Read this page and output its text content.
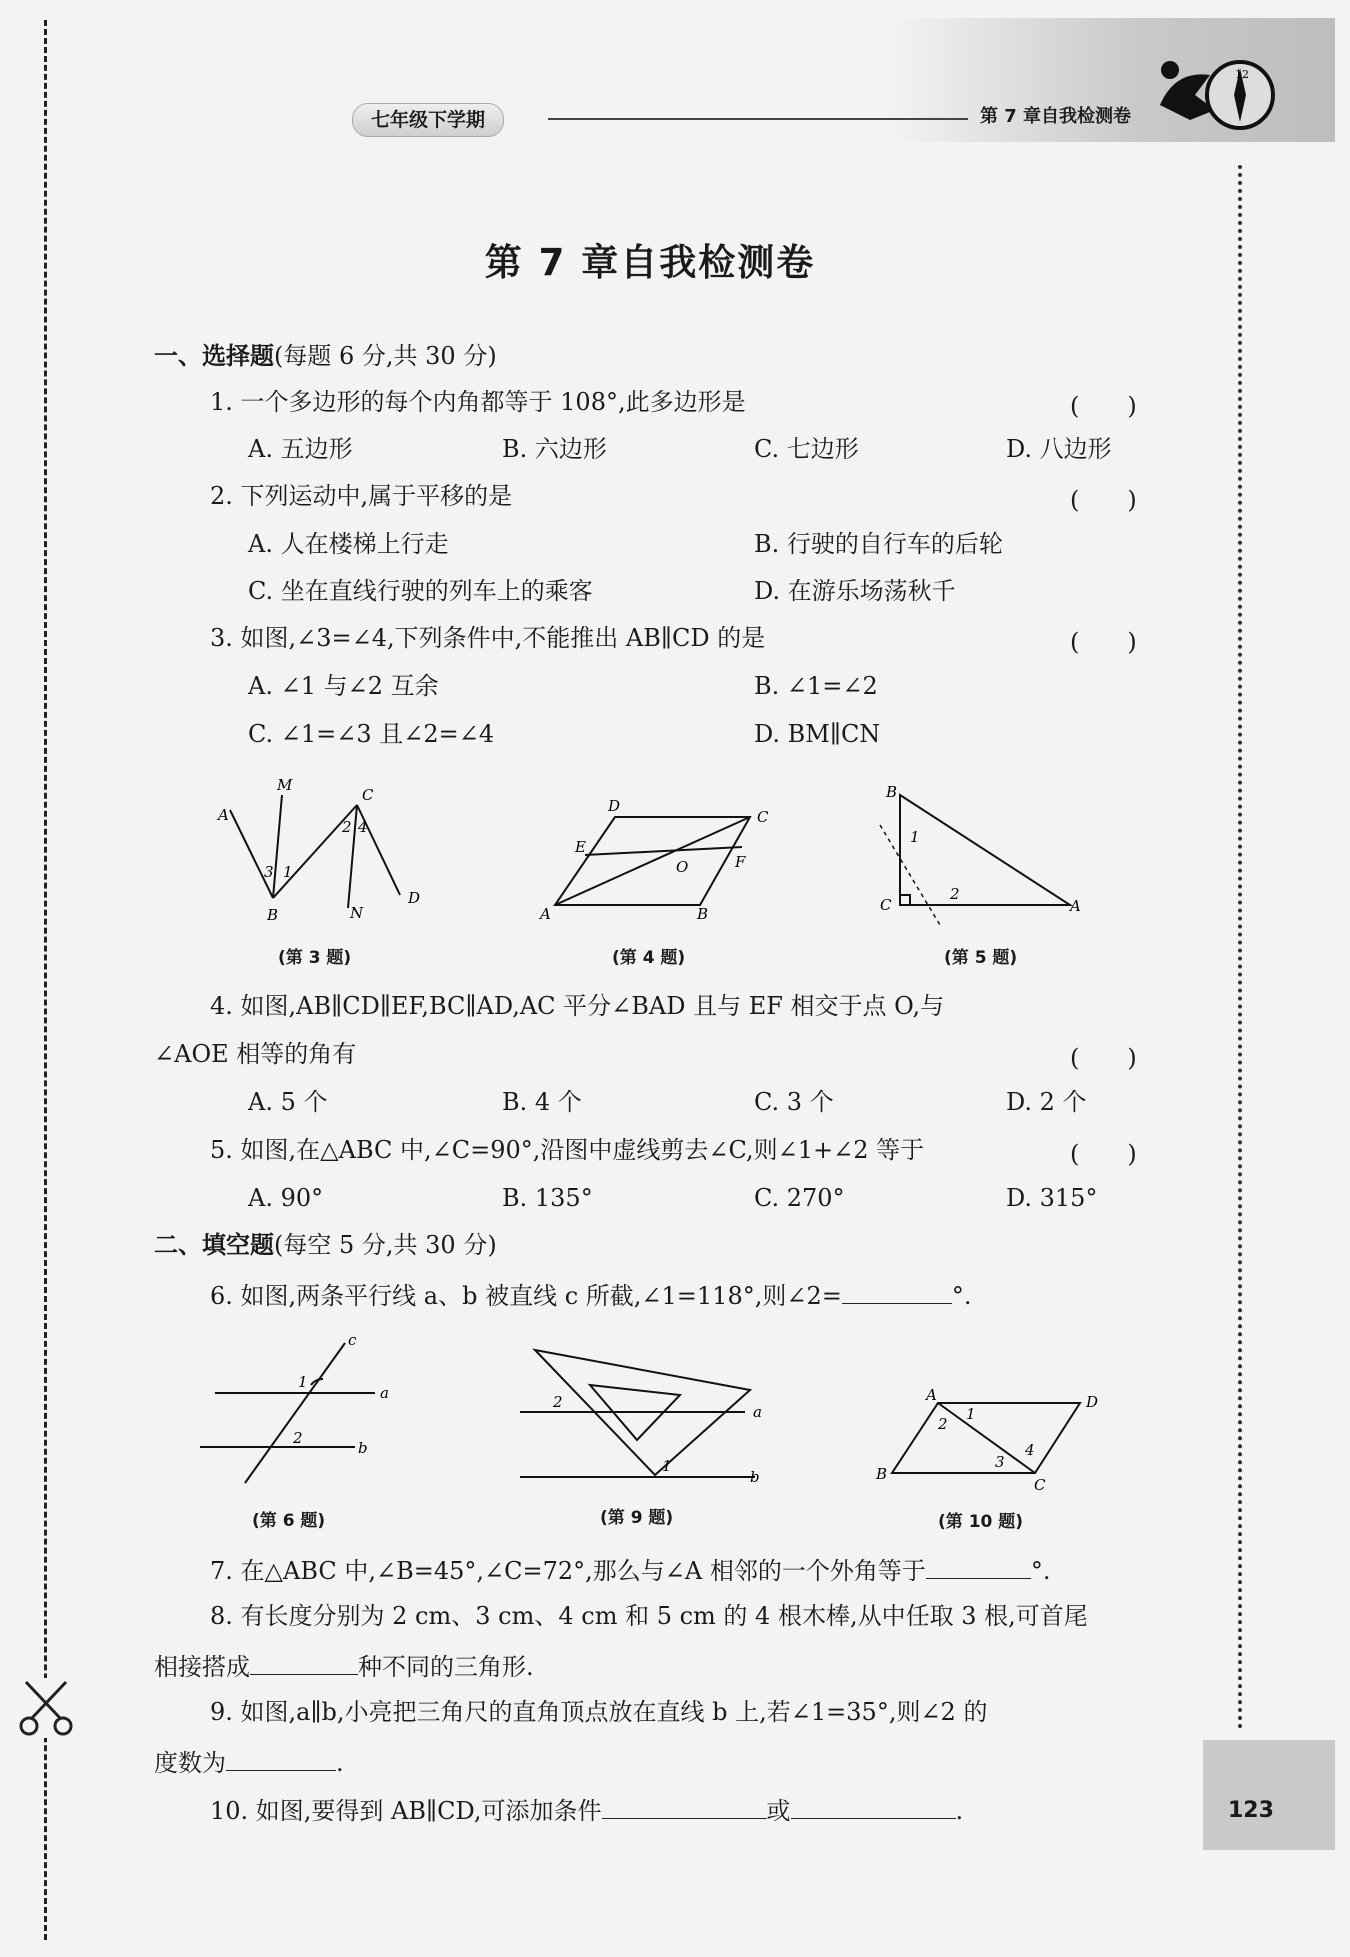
七年级下学期	第 7 章自我检测卷
12
第 7 章自我检测卷
一、选择题(每题 6 分,共 30 分)
1. 一个多边形的每个内角都等于 108°,此多边形是	(　　)
A. 五边形	B. 六边形	C. 七边形	D. 八边形
2. 下列运动中,属于平移的是	(　　)
A. 人在楼梯上行走	B. 行驶的自行车的后轮
C. 坐在直线行驶的列车上的乘客	D. 在游乐场荡秋千
3. 如图,∠3=∠4,下列条件中,不能推出 AB∥CD 的是	(　　)
A. ∠1 与∠2 互余	B. ∠1=∠2
C. ∠1=∠3 且∠2=∠4	D. BM∥CN
A
M
C
B	N
D
1
2
3
4
(第 3 题)
D
C
E
F
O
A	B
(第 4 题)
B
C	A
1
2
(第 5 题)
4. 如图,AB∥CD∥EF,BC∥AD,AC 平分∠BAD 且与 EF 相交于点 O,与
∠AOE 相等的角有	(　　)
A. 5 个	B. 4 个	C. 3 个	D. 2 个
5. 如图,在△ABC 中,∠C=90°,沿图中虚线剪去∠C,则∠1+∠2 等于	(　　)
A. 90°	B. 135°	C. 270°	D. 315°
二、填空题(每空 5 分,共 30 分)
6. 如图,两条平行线 a、b 被直线 c 所截,∠1=118°,则∠2=	°.
c
a
b
1
2
(第 6 题)
a
b
1
2
(第 9 题)
A	D
B
C
1
2
3
4
(第 10 题)
7. 在△ABC 中,∠B=45°,∠C=72°,那么与∠A 相邻的一个外角等于	°.
8. 有长度分别为 2 cm、3 cm、4 cm 和 5 cm 的 4 根木棒,从中任取 3 根,可首尾
相接搭成	种不同的三角形.
9. 如图,a∥b,小亮把三角尺的直角顶点放在直线 b 上,若∠1=35°,则∠2 的
度数为	.
10. 如图,要得到 AB∥CD,可添加条件	或	.	123
